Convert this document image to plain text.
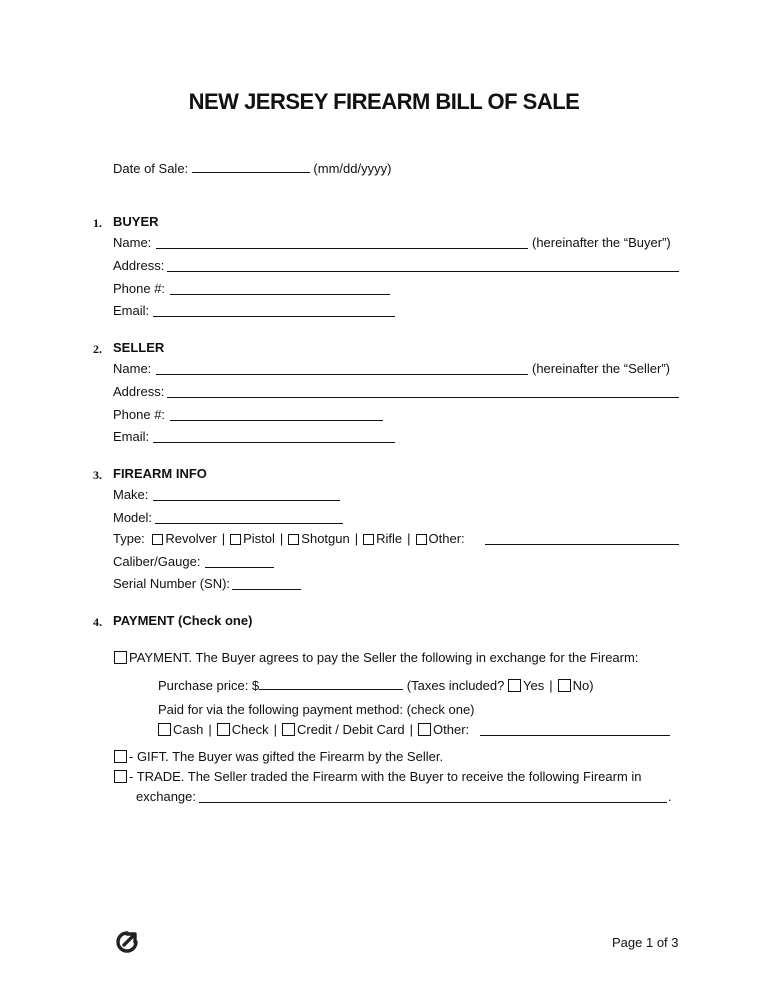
NEW JERSEY FIREARM BILL OF SALE
Date of Sale:	(mm/dd/yyyy)
1. BUYER
Name:	(hereinafter the “Buyer”)
Address:
Phone #:
Email:
2. SELLER
Name:	(hereinafter the “Seller”)
Address:
Phone #:
Email:
3. FIREARM INFO
Make:
Model:
Type: Revolver | Pistol | Shotgun | Rifle | Other:
Caliber/Gauge:
Serial Number (SN):
4. PAYMENT (Check one)
PAYMENT. The Buyer agrees to pay the Seller the following in exchange for the Firearm:
Purchase price: $	(Taxes included? Yes | No)
Paid for via the following payment method: (check one)
Cash | Check | Credit / Debit Card | Other:
- GIFT. The Buyer was gifted the Firearm by the Seller.
- TRADE. The Seller traded the Firearm with the Buyer to receive the following Firearm in
exchange:	.
Page 1 of 3
